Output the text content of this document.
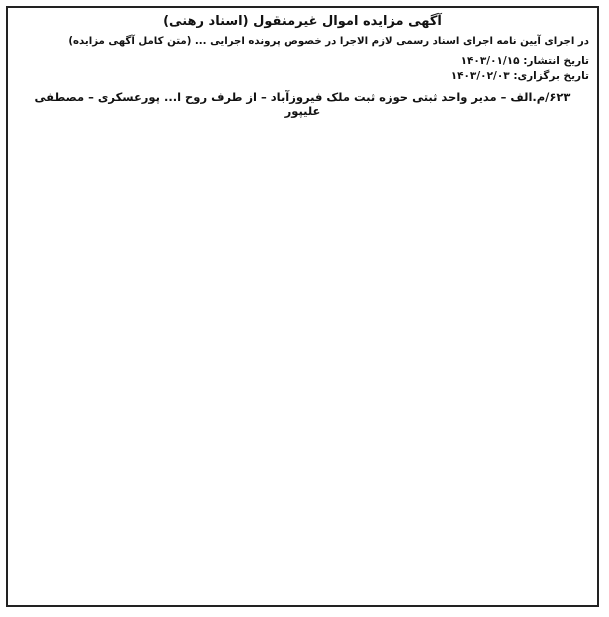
آگهی مزایده اموال غیرمنقول (اسناد رهنی)
در اجرای آیین نامه اجرای اسناد رسمی لازم الاجرا در خصوص پرونده اجرایی ... (متن کامل آگهی مزایده)
تاریخ انتشار: ۱۴۰۳/۰۱/۱۵
تاریخ برگزاری: ۱۴۰۳/۰۲/۰۳
۶۲۳/م.الف – مدیر واحد ثبتی حوزه ثبت ملک فیروزآباد – از طرف روح ا... پورعسکری – مصطفی علیپور
